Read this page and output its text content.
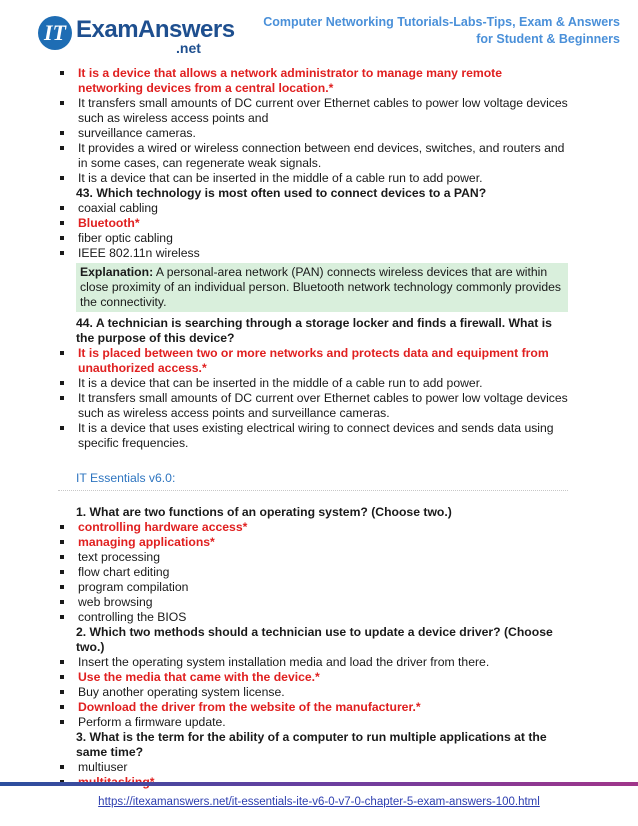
IT ExamAnswers
.net
Computer Networking Tutorials-Labs-Tips, Exam & Answers
for Student & Beginners
It is a device that allows a network administrator to manage many remote networking devices from a central location.*
It transfers small amounts of DC current over Ethernet cables to power low voltage devices such as wireless access points and
surveillance cameras.
It provides a wired or wireless connection between end devices, switches, and routers and in some cases, can regenerate weak signals.
It is a device that can be inserted in the middle of a cable run to add power.

43. Which technology is most often used to connect devices to a PAN?

coaxial cabling
Bluetooth*
fiber optic cabling
IEEE 802.11n wireless
Explanation: A personal-area network (PAN) connects wireless devices that are within close proximity of an individual person. Bluetooth network technology commonly provides the connectivity.

44. A technician is searching through a storage locker and finds a firewall. What is the purpose of this device?

It is placed between two or more networks and protects data and equipment from unauthorized access.*
It is a device that can be inserted in the middle of a cable run to add power.
It transfers small amounts of DC current over Ethernet cables to power low voltage devices such as wireless access points and surveillance cameras.
It is a device that uses existing electrical wiring to connect devices and sends data using specific frequencies.
IT Essentials v6.0:

1. What are two functions of an operating system? (Choose two.)

controlling hardware access*
managing applications*
text processing
flow chart editing
program compilation
web browsing
controlling the BIOS

2. Which two methods should a technician use to update a device driver? (Choose two.)

Insert the operating system installation media and load the driver from there.
Use the media that came with the device.*
Buy another operating system license.
Download the driver from the website of the manufacturer.*
Perform a firmware update.

3. What is the term for the ability of a computer to run multiple applications at the same time?

multiuser
https://itexamanswers.net/it-essentials-ite-v6-0-v7-0-chapter-5-exam-answers-100.html
